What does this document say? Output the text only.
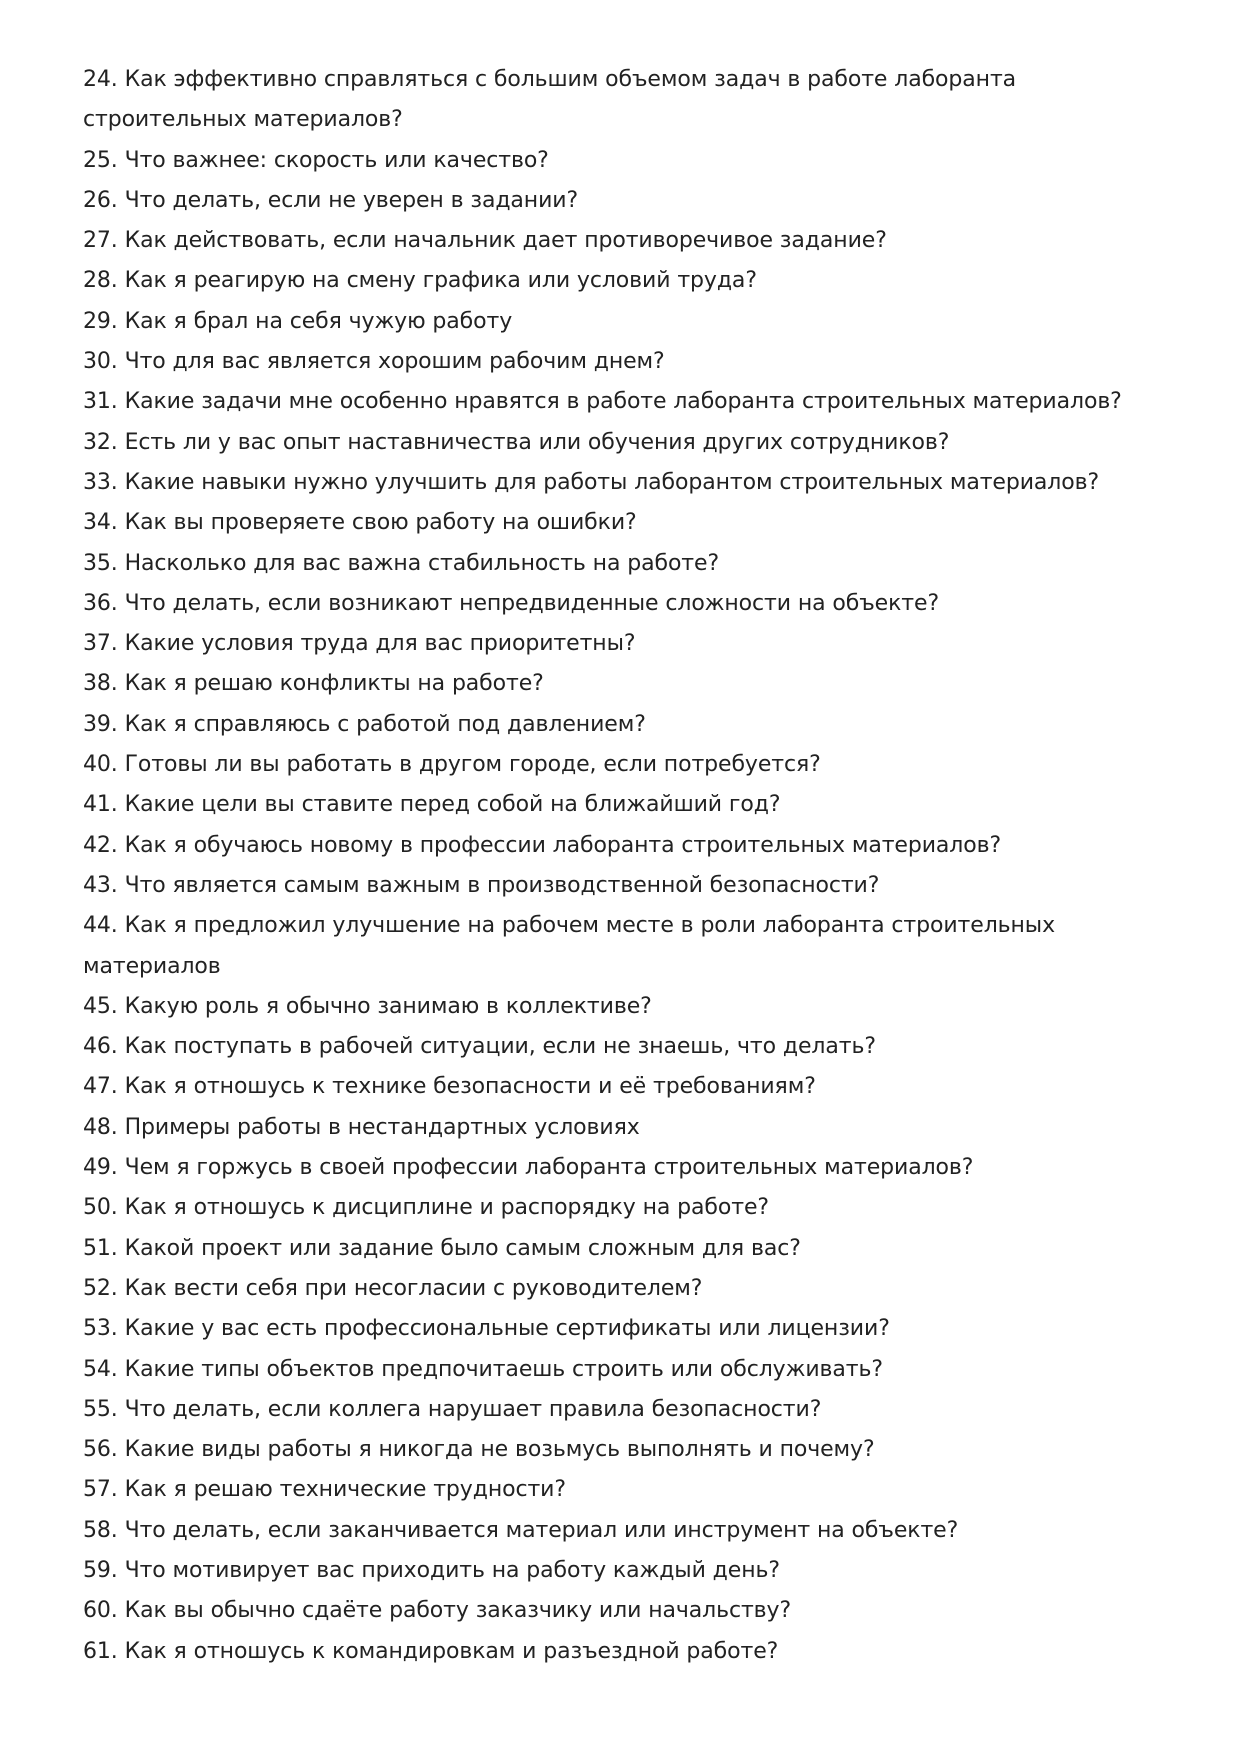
24. Как эффективно справляться с большим объемом задач в работе лаборанта строительных материалов?
25. Что важнее: скорость или качество?
26. Что делать, если не уверен в задании?
27. Как действовать, если начальник дает противоречивое задание?
28. Как я реагирую на смену графика или условий труда?
29. Как я брал на себя чужую работу
30. Что для вас является хорошим рабочим днем?
31. Какие задачи мне особенно нравятся в работе лаборанта строительных материалов?
32. Есть ли у вас опыт наставничества или обучения других сотрудников?
33. Какие навыки нужно улучшить для работы лаборантом строительных материалов?
34. Как вы проверяете свою работу на ошибки?
35. Насколько для вас важна стабильность на работе?
36. Что делать, если возникают непредвиденные сложности на объекте?
37. Какие условия труда для вас приоритетны?
38. Как я решаю конфликты на работе?
39. Как я справляюсь с работой под давлением?
40. Готовы ли вы работать в другом городе, если потребуется?
41. Какие цели вы ставите перед собой на ближайший год?
42. Как я обучаюсь новому в профессии лаборанта строительных материалов?
43. Что является самым важным в производственной безопасности?
44. Как я предложил улучшение на рабочем месте в роли лаборанта строительных материалов
45. Какую роль я обычно занимаю в коллективе?
46. Как поступать в рабочей ситуации, если не знаешь, что делать?
47. Как я отношусь к технике безопасности и её требованиям?
48. Примеры работы в нестандартных условиях
49. Чем я горжусь в своей профессии лаборанта строительных материалов?
50. Как я отношусь к дисциплине и распорядку на работе?
51. Какой проект или задание было самым сложным для вас?
52. Как вести себя при несогласии с руководителем?
53. Какие у вас есть профессиональные сертификаты или лицензии?
54. Какие типы объектов предпочитаешь строить или обслуживать?
55. Что делать, если коллега нарушает правила безопасности?
56. Какие виды работы я никогда не возьмусь выполнять и почему?
57. Как я решаю технические трудности?
58. Что делать, если заканчивается материал или инструмент на объекте?
59. Что мотивирует вас приходить на работу каждый день?
60. Как вы обычно сдаёте работу заказчику или начальству?
61. Как я отношусь к командировкам и разъездной работе?
